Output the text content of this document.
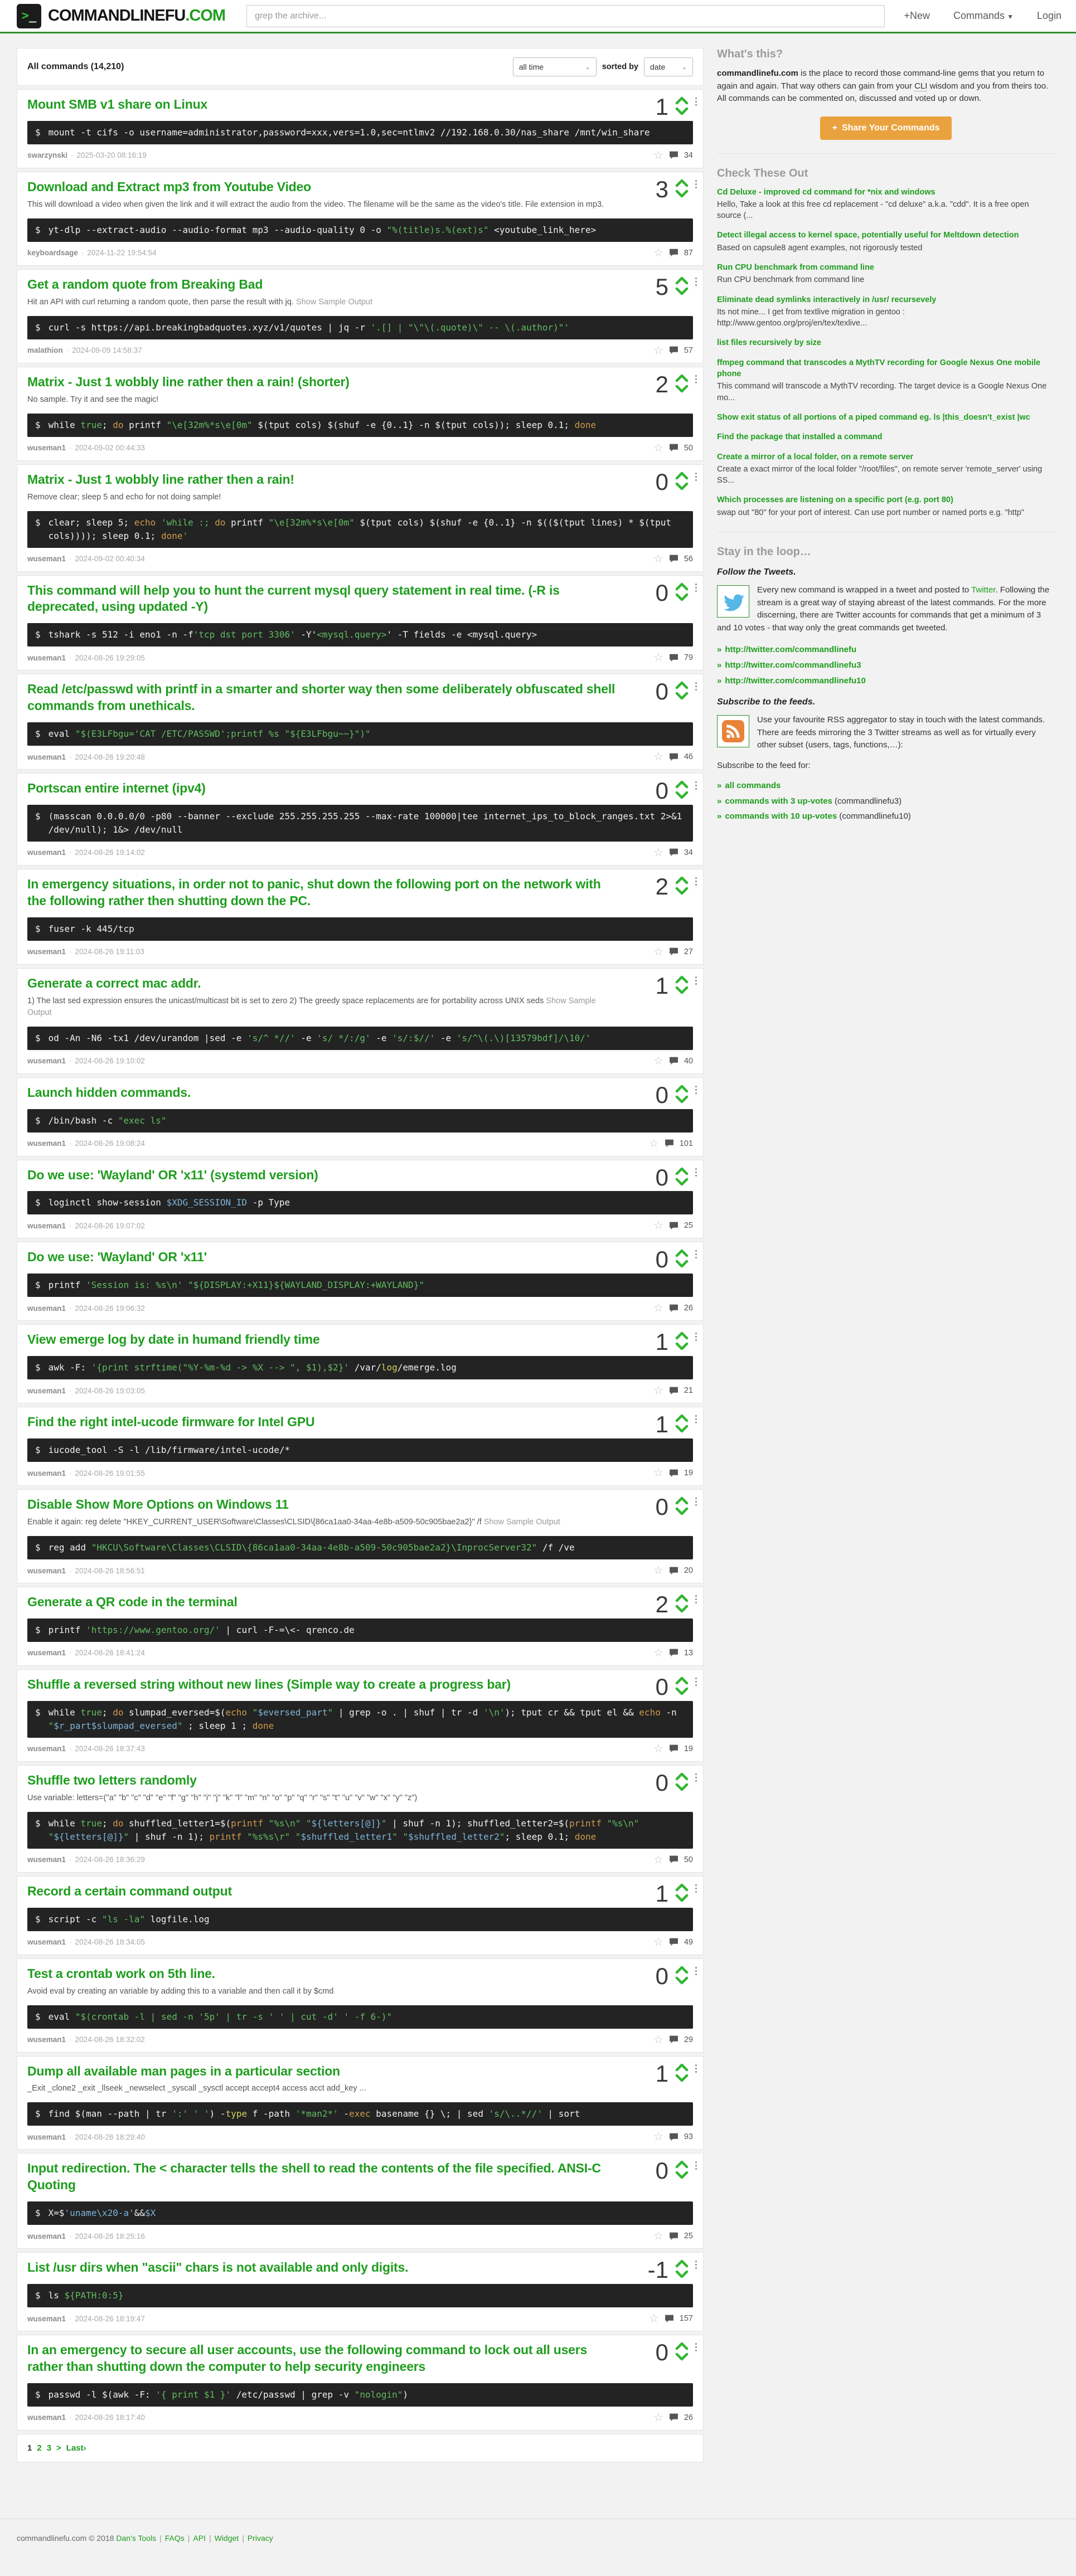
>_ COMMANDLINEFU.COM
grep the archive...	+New Commands ▼ Login
All commands (14,210)	all time	⌄ sorted by date	⌄
Mount SMB v1 share on Linux
$ mount -t cifs -o username=administrator,password=xxx,vers=1.0,sec=ntlmv2 //192.168.0.30/nas_share /mnt/win_share
swarzynski · 2025-03-20 08:16:19	☆	34
1
Download and Extract mp3 from Youtube Video
This will download a video when given the link and it will extract the audio from the video. The filename will be the same as the video's title. File extension in mp3.
$ yt-dlp --extract-audio --audio-format mp3 --audio-quality 0 -o "%(title)s.%(ext)s" <youtube_link_here>
keyboardsage · 2024-11-22 19:54:54	☆	87
3
Get a random quote from Breaking Bad
Hit an API with curl returning a random quote, then parse the result with jq. Show Sample Output
$ curl -s https://api.breakingbadquotes.xyz/v1/quotes | jq -r '.[] | "\"\(.quote)\" -- \(.author)"'
malathion · 2024-09-09 14:58:37	☆	57
5
Matrix - Just 1 wobbly line rather then a rain! (shorter)
No sample. Try it and see the magic!
$ while true; do printf "\e[32m%*s\e[0m" $(tput cols) $(shuf -e {0..1} -n $(tput cols)); sleep 0.1; done
wuseman1 · 2024-09-02 00:44:33	☆	50
2
Matrix - Just 1 wobbly line rather then a rain!
Remove clear; sleep 5 and echo for not doing sample!
$ clear; sleep 5; echo 'while :; do printf "\e[32m%*s\e[0m" $(tput cols) $(shuf -e {0..1} -n $(($(tput lines) * $(tput cols)))); sleep 0.1; done'
wuseman1 · 2024-09-02 00:40:34	☆	56
0
This command will help you to hunt the current mysql query statement in real time. (-R is deprecated, using updated -Y)
$ tshark -s 512 -i eno1 -n -f'tcp dst port 3306' -Y'<mysql.query>' -T fields -e <mysql.query>
wuseman1 · 2024-08-26 19:29:05	☆	79
0
Read /etc/passwd with printf in a smarter and shorter way then some deliberately obfuscated shell commands from unethicals.
$ eval "$(E3LFbgu='CAT /ETC/PASSWD';printf %s "${E3LFbgu~~}")"
wuseman1 · 2024-08-26 19:20:48	☆	46
0
Portscan entire internet (ipv4)
$ (masscan 0.0.0.0/0 -p80 --banner --exclude 255.255.255.255 --max-rate 100000|tee internet_ips_to_block_ranges.txt 2>&1 /dev/null); 1&> /dev/null
wuseman1 · 2024-08-26 19:14:02	☆	34
0
In emergency situations, in order not to panic, shut down the following port on the network with the following rather then shutting down the PC.
$ fuser -k 445/tcp
wuseman1 · 2024-08-26 19:11:03	☆	27
2
Generate a correct mac addr.
1) The last sed expression ensures the unicast/multicast bit is set to zero 2) The greedy space replacements are for portability across UNIX seds Show Sample Output
$ od -An -N6 -tx1 /dev/urandom |sed -e 's/^ *//' -e 's/ */:/g' -e 's/:$//' -e 's/^\(.\)[13579bdf]/\10/'
wuseman1 · 2024-08-26 19:10:02	☆	40
1
Launch hidden commands.
$ /bin/bash -c "exec ls"
wuseman1 · 2024-08-26 19:08:24	☆	101
0
Do we use: 'Wayland' OR 'x11' (systemd version)
$ loginctl show-session $XDG_SESSION_ID -p Type
wuseman1 · 2024-08-26 19:07:02	☆	25
0
Do we use: 'Wayland' OR 'x11'
$ printf 'Session is: %s\n' "${DISPLAY:+X11}${WAYLAND_DISPLAY:+WAYLAND}"
wuseman1 · 2024-08-26 19:06:32	☆	26
0
View emerge log by date in humand friendly time
$ awk -F: '{print strftime("%Y-%m-%d -> %X --> ", $1),$2}' /var/log/emerge.log
wuseman1 · 2024-08-26 19:03:05	☆	21
1
Find the right intel-ucode firmware for Intel GPU
$ iucode_tool -S -l /lib/firmware/intel-ucode/*
wuseman1 · 2024-08-26 19:01:55	☆	19
1
Disable Show More Options on Windows 11
Enable it again: reg delete "HKEY_CURRENT_USER\Software\Classes\CLSID\{86ca1aa0-34aa-4e8b-a509-50c905bae2a2}" /f Show Sample Output
$ reg add "HKCU\Software\Classes\CLSID\{86ca1aa0-34aa-4e8b-a509-50c905bae2a2}\InprocServer32" /f /ve
wuseman1 · 2024-08-26 18:56:51	☆	20
0
Generate a QR code in the terminal
$ printf 'https://www.gentoo.org/' | curl -F-=\<- qrenco.de
wuseman1 · 2024-08-26 18:41:24	☆	13
2
Shuffle a reversed string without new lines (Simple way to create a progress bar)
$ while true; do slumpad_eversed=$(echo "$eversed_part" | grep -o . | shuf | tr -d '\n'); tput cr && tput el && echo -n "$r_part$slumpad_eversed" ; sleep 1 ; done
wuseman1 · 2024-08-26 18:37:43	☆	19
0
Shuffle two letters randomly
Use variable: letters=("a" "b" "c" "d" "e" "f" "g" "h" "i" "j" "k" "l" "m" "n" "o" "p" "q" "r" "s" "t" "u" "v" "w" "x" "y" "z")
$ while true; do shuffled_letter1=$(printf "%s\n" "${letters[@]}" | shuf -n 1); shuffled_letter2=$(printf "%s\n" "${letters[@]}" | shuf -n 1); printf "%s%s\r" "$shuffled_letter1" "$shuffled_letter2"; sleep 0.1; done
wuseman1 · 2024-08-26 18:36:29	☆	50
0
Record a certain command output
$ script -c "ls -la" logfile.log
wuseman1 · 2024-08-26 18:34:05	☆	49
1
Test a crontab work on 5th line.
Avoid eval by creating an variable by adding this to a variable and then call it by $cmd
$ eval "$(crontab -l | sed -n '5p' | tr -s ' ' | cut -d' ' -f 6-)"
wuseman1 · 2024-08-26 18:32:02	☆	29
0
Dump all available man pages in a particular section
_Exit _clone2 _exit _llseek _newselect _syscall _sysctl accept accept4 access acct add_key ...
$ find $(man --path | tr ':' ' ') -type f -path '*man2*' -exec basename {} \; | sed 's/\..*//' | sort
wuseman1 · 2024-08-26 18:29:40	☆	93
1
Input redirection. The < character tells the shell to read the contents of the file specified. ANSI-C Quoting
$ X=$'uname\x20-a'&&$X
wuseman1 · 2024-08-26 18:25:16	☆	25
0
List /usr dirs when "ascii" chars is not available and only digits.
$ ls ${PATH:0:5}
wuseman1 · 2024-08-26 18:19:47	☆	157
-1
In an emergency to secure all user accounts, use the following command to lock out all users rather than shutting down the computer to help security engineers
$ passwd -l $(awk -F: '{ print $1 }' /etc/passwd | grep -v "nologin")
wuseman1 · 2024-08-26 18:17:40	☆	26
0
1 2 3 > Last›
What's this?
commandlinefu.com is the place to record those command-line gems that you return to again and again. That way others can gain from your CLI wisdom and you from theirs too. All commands can be commented on, discussed and voted up or down.
+ Share Your Commands
Check These Out
Cd Deluxe - improved cd command for *nix and windows
Hello, Take a look at this free cd replacement - "cd deluxe" a.k.a. "cdd". It is a free open source (...
Detect illegal access to kernel space, potentially useful for Meltdown detection
Based on capsule8 agent examples, not rigorously tested
Run CPU benchmark from command line
Run CPU benchmark from command line
Eliminate dead symlinks interactively in /usr/ recursevely
Its not mine... I get from textlive migration in gentoo : http://www.gentoo.org/proj/en/tex/texlive...
list files recursively by size
ffmpeg command that transcodes a MythTV recording for Google Nexus One mobile phone
This command will transcode a MythTV recording. The target device is a Google Nexus One mo...
Show exit status of all portions of a piped command eg. ls |this_doesn't_exist |wc
Find the package that installed a command
Create a mirror of a local folder, on a remote server
Create a exact mirror of the local folder "/root/files", on remote server 'remote_server' using SS...
Which processes are listening on a specific port (e.g. port 80)
swap out "80" for your port of interest. Can use port number or named ports e.g. "http"
Stay in the loop…
Follow the Tweets.
Every new command is wrapped in a tweet and posted to Twitter. Following the stream is a great way of staying abreast of the latest commands. For the more discerning, there are Twitter accounts for commands that get a minimum of 3 and 10 votes - that way only the great commands get tweeted.
» http://twitter.com/commandlinefu
» http://twitter.com/commandlinefu3
» http://twitter.com/commandlinefu10
Subscribe to the feeds.
Use your favourite RSS aggregator to stay in touch with the latest commands. There are feeds mirroring the 3 Twitter streams as well as for virtually every other subset (users, tags, functions,…):
Subscribe to the feed for:
» all commands
» commands with 3 up-votes (commandlinefu3)
» commands with 10 up-votes (commandlinefu10)
commandlinefu.com © 2018 Dan's Tools | FAQs | API | Widget | Privacy
